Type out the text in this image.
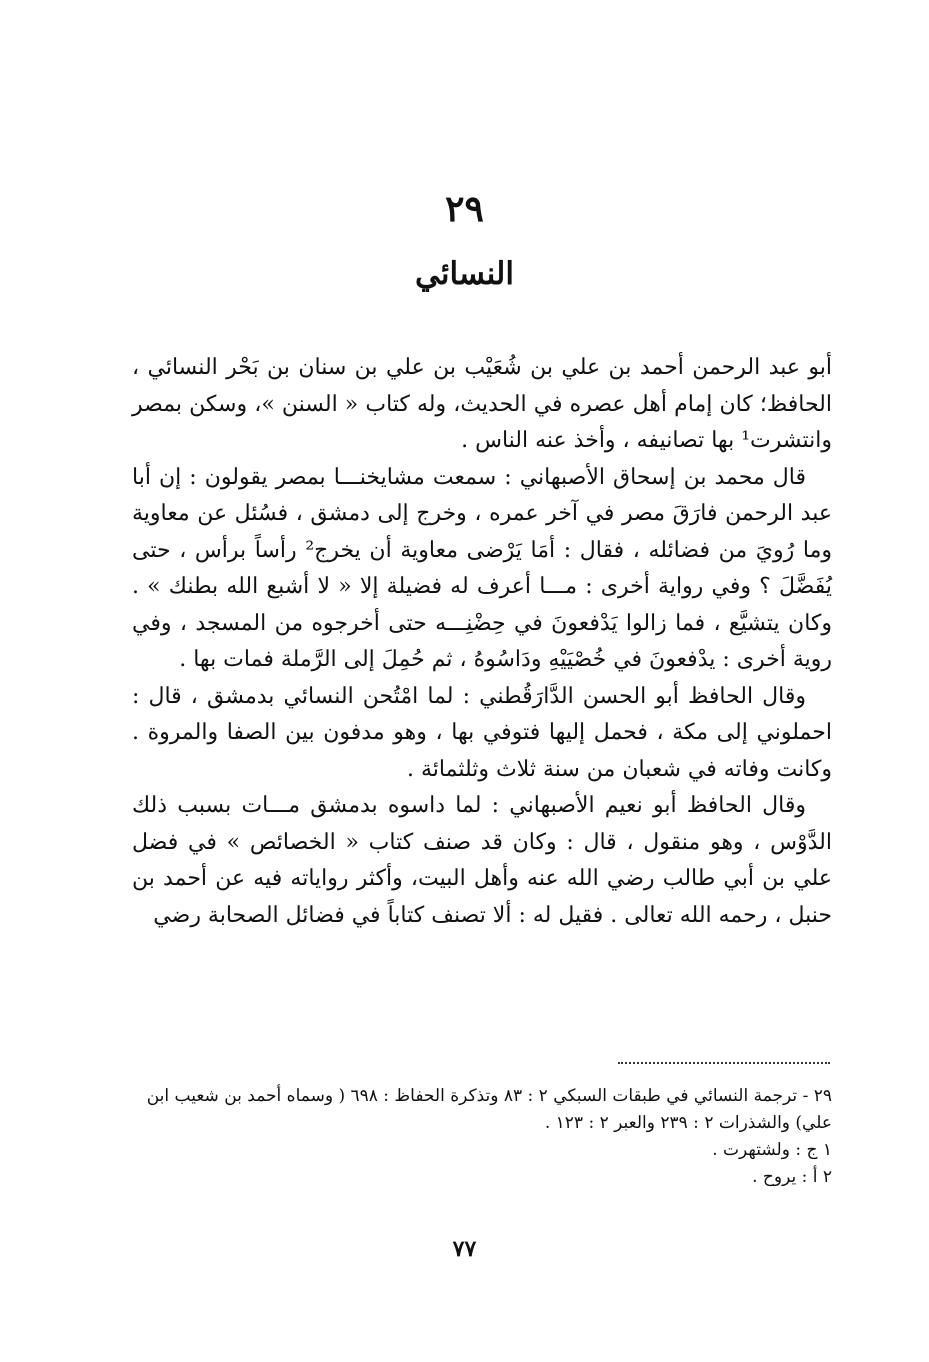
٢٩
النسائي

أبو عبد الرحمن أحمد بن علي بن شُعَيْب بن علي بن سنان بن بَحْر النسائي ، الحافظ؛ كان إمام أهل عصره في الحديث، وله كتاب « السنن »، وسكن بمصر وانتشرت¹ بها تصانيفه ، وأخذ عنه الناس .

قال محمد بن إسحاق الأصبهاني : سمعت مشايخنـــا بمصر يقولون : إن أبا عبد الرحمن فارَقَ مصر في آخر عمره ، وخرج إلى دمشق ، فسُئل عن معاوية وما رُويَ من فضائله ، فقال : أمَا يَرْضى معاوية أن يخرج² رأساً برأس ، حتى يُفَضَّلَ ؟ وفي رواية أخرى : مـــا أعرف له فضيلة إلا « لا أشبع الله بطنك » . وكان يتشيَّع ، فما زالوا يَدْفعونَ في حِضْنِـــه حتى أخرجوه من المسجد ، وفي روية أخرى : يدْفعونَ في خُصْيَيْهِ ودَاسُوهُ ، ثم حُمِلَ إلى الرَّملة فمات بها .

وقال الحافظ أبو الحسن الدَّارَقُطني : لما امْتُحن النسائي بدمشق ، قال : احملوني إلى مكة ، فحمل إليها فتوفي بها ، وهو مدفون بين الصفا والمروة . وكانت وفاته في شعبان من سنة ثلاث وثلثمائة .

وقال الحافظ أبو نعيم الأصبهاني : لما داسوه بدمشق مـــات بسبب ذلك الدَّوْس ، وهو منقول ، قال : وكان قد صنف كتاب « الخصائص » في فضل علي بن أبي طالب رضي الله عنه وأهل البيت، وأكثر رواياته فيه عن أحمد بن حنبل ، رحمه الله تعالى . فقيل له : ألا تصنف كتاباً في فضائل الصحابة رضي

٢٩ - ترجمة النسائي في طبقات السبكي ٢ : ٨٣ وتذكرة الحفاظ : ٦٩٨ ( وسماه أحمد بن شعيب ابن علي) والشذرات ٢ : ٢٣٩ والعبر ٢ : ١٢٣ .

١ ج : ولشتهرت .

٢ أ : يروح .

٧٧
